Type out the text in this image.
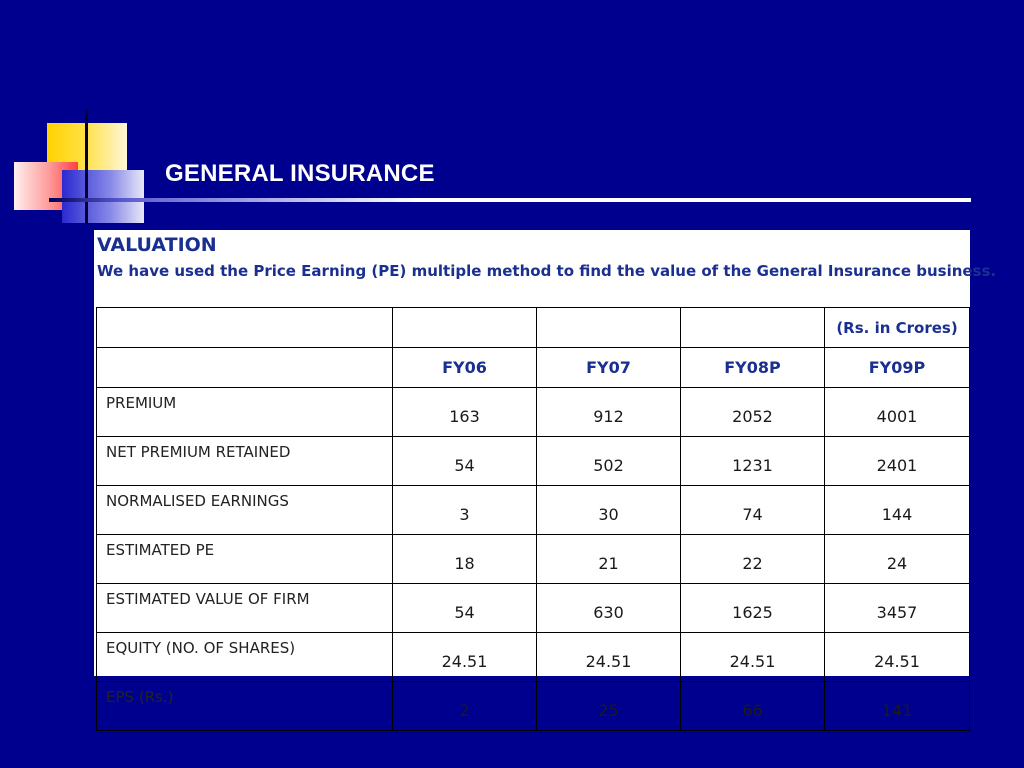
GENERAL INSURANCE
VALUATION
We have used the Price Earning (PE) multiple method to find the value of the General Insurance business.
				(Rs. in Crores)
	FY06	FY07	FY08P	FY09P
PREMIUM	163	912	2052	4001
NET PREMIUM RETAINED	54	502	1231	2401
NORMALISED EARNINGS	3	30	74	144
ESTIMATED PE	18	21	22	24
ESTIMATED VALUE OF FIRM	54	630	1625	3457
EQUITY (NO. OF SHARES)	24.51	24.51	24.51	24.51
EPS (Rs.)	2	25	66	141
